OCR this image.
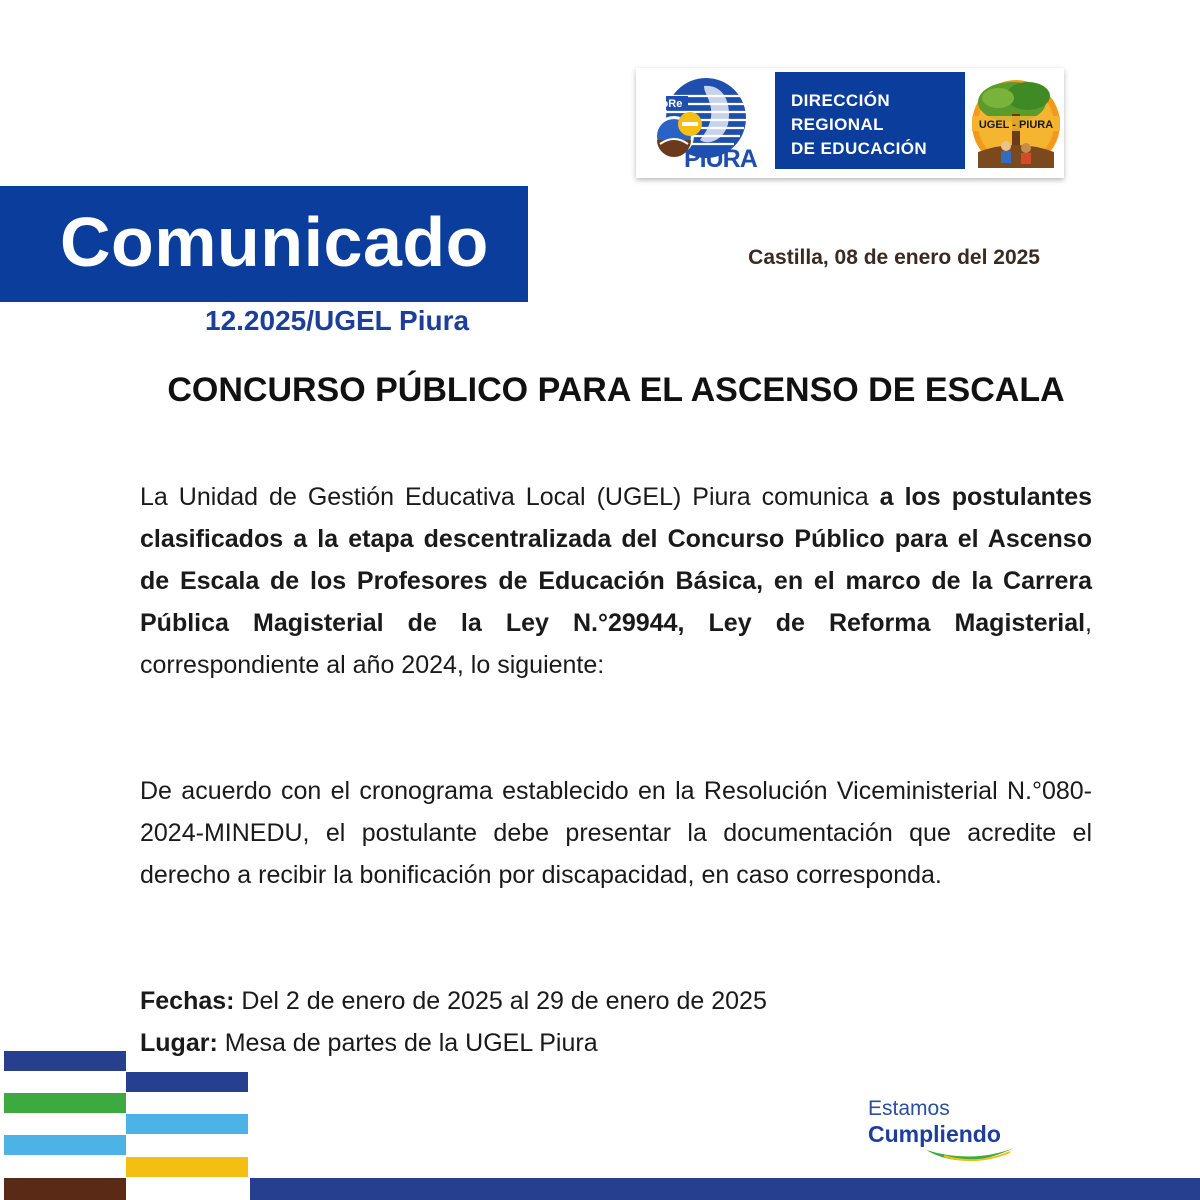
GoRe
PIURA
DIRECCIÓN
REGIONAL
DE EDUCACIÓN
UGEL - PIURA
Comunicado
12.2025/UGEL Piura
Castilla, 08 de enero del 2025
CONCURSO PÚBLICO PARA EL ASCENSO DE ESCALA

La Unidad de Gestión Educativa Local (UGEL) Piura comunica a los postulantes clasificados a la etapa descentralizada del Concurso Público para el Ascenso de Escala de los Profesores de Educación Básica, en el marco de la Carrera Pública Magisterial de la Ley N.°29944, Ley de Reforma Magisterial, correspondiente al año 2024, lo siguiente:

De acuerdo con el cronograma establecido en la Resolución Viceministerial N.°080-2024-MINEDU, el postulante debe presentar la documentación que acredite el derecho a recibir la bonificación por discapacidad, en caso corresponda.

Fechas: Del 2 de enero de 2025 al 29 de enero de 2025
Lugar: Mesa de partes de la UGEL Piura
Estamos
Cumpliendo
